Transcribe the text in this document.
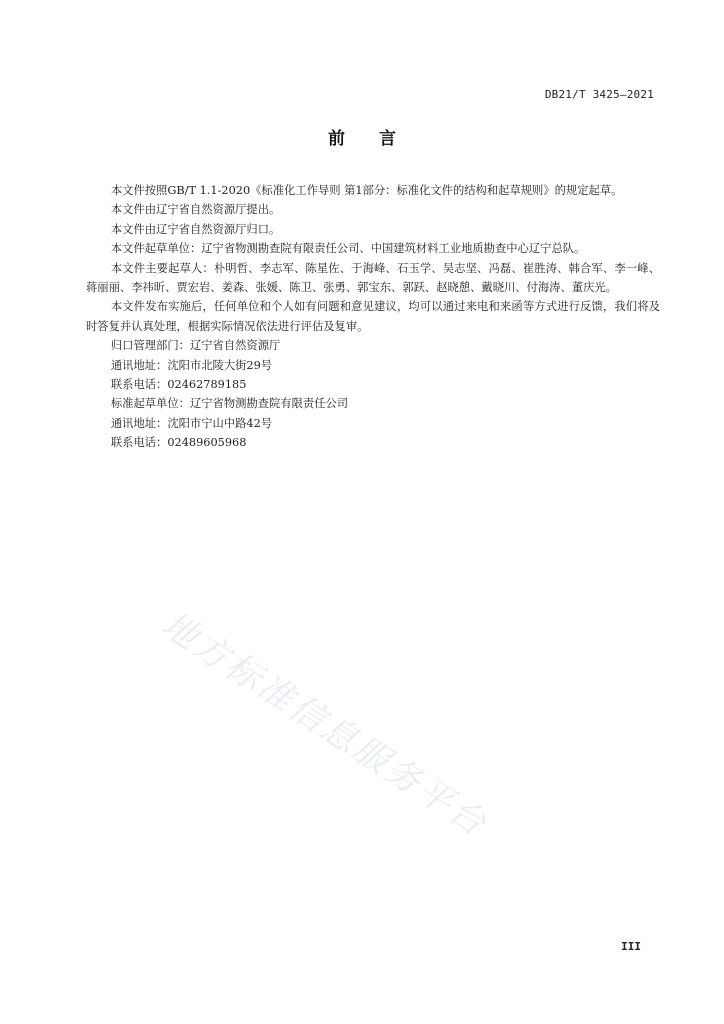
DB21/T 3425—2021
前 言

本文件按照GB/T 1.1-2020《标准化工作导则 第1部分：标准化文件的结构和起草规则》的规定起草。

本文件由辽宁省自然资源厅提出。

本文件由辽宁省自然资源厅归口。

本文件起草单位：辽宁省物测勘查院有限责任公司、中国建筑材料工业地质勘查中心辽宁总队。

本文件主要起草人：朴明哲、李志军、陈星佐、于海峰、石玉学、吴志坚、冯磊、崔胜涛、韩合军、李一峰、蒋丽丽、李祎昕、贾宏岩、姜森、张媛、陈卫、张勇、郭宝东、郭跃、赵晓憩、戴晓川、付海涛、董庆光。

本文件发布实施后，任何单位和个人如有问题和意见建议，均可以通过来电和来函等方式进行反馈，我们将及时答复并认真处理，根据实际情况依法进行评估及复审。

归口管理部门：辽宁省自然资源厅

通讯地址：沈阳市北陵大街29号

联系电话：02462789185

标准起草单位：辽宁省物测勘查院有限责任公司

通讯地址：沈阳市宁山中路42号

联系电话：02489605968

地方标准信息服务平台
III
